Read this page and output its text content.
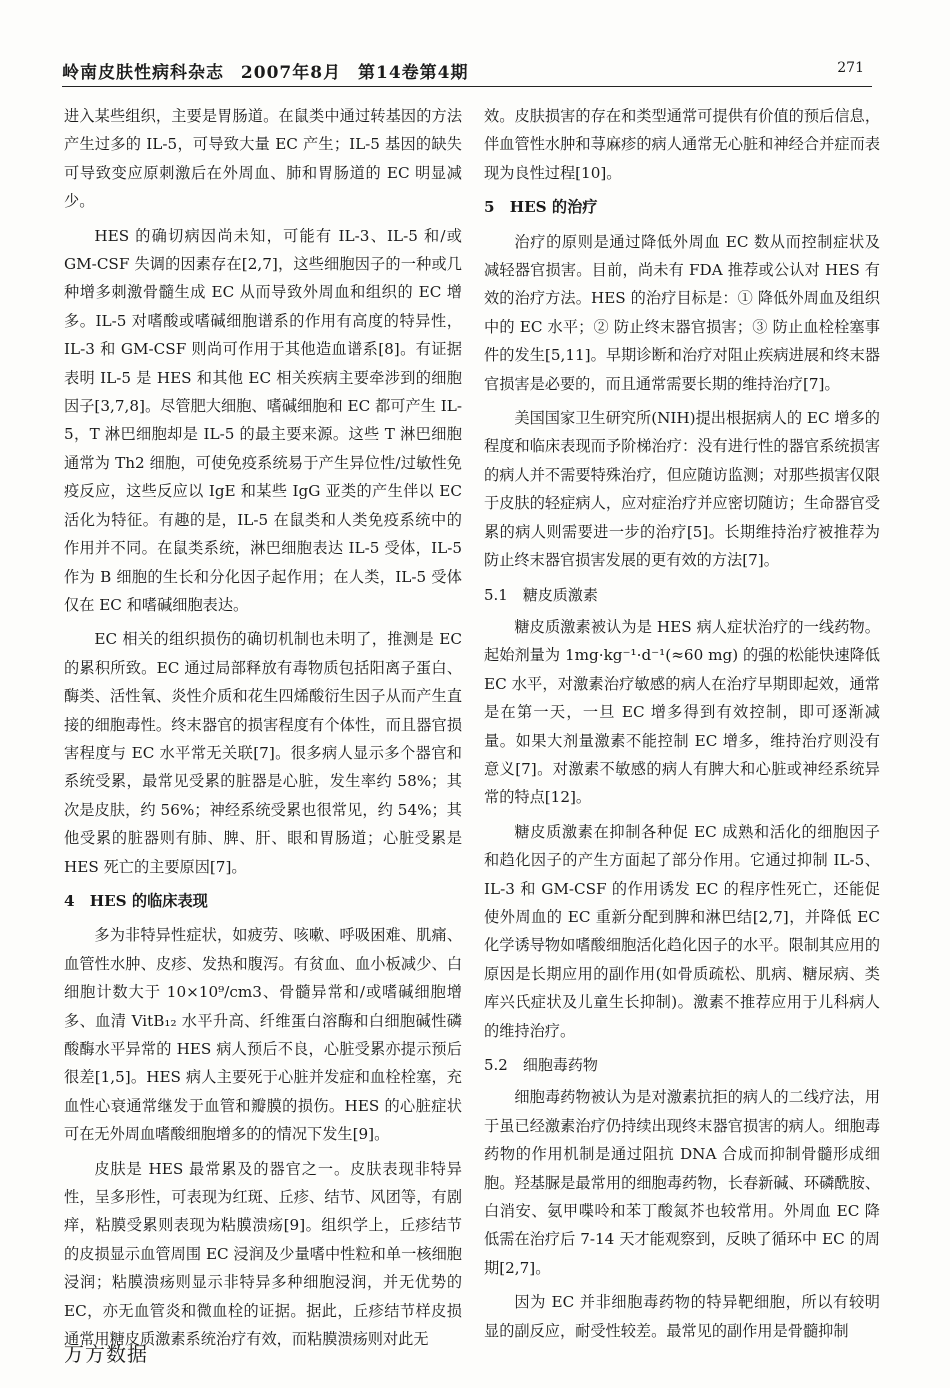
岭南皮肤性病科杂志 2007年8月 第14卷第4期	271

进入某些组织，主要是胃肠道。在鼠类中通过转基因的方法产生过多的 IL-5，可导致大量 EC 产生；IL-5 基因的缺失可导致变应原刺激后在外周血、肺和胃肠道的 EC 明显减少。

HES 的确切病因尚未知，可能有 IL-3、IL-5 和/或 GM-CSF 失调的因素存在[2,7]，这些细胞因子的一种或几种增多刺激骨髓生成 EC 从而导致外周血和组织的 EC 增多。IL-5 对嗜酸或嗜碱细胞谱系的作用有高度的特异性，IL-3 和 GM-CSF 则尚可作用于其他造血谱系[8]。有证据表明 IL-5 是 HES 和其他 EC 相关疾病主要牵涉到的细胞因子[3,7,8]。尽管肥大细胞、嗜碱细胞和 EC 都可产生 IL-5，T 淋巴细胞却是 IL-5 的最主要来源。这些 T 淋巴细胞通常为 Th2 细胞，可使免疫系统易于产生异位性/过敏性免疫反应，这些反应以 IgE 和某些 IgG 亚类的产生伴以 EC 活化为特征。有趣的是，IL-5 在鼠类和人类免疫系统中的作用并不同。在鼠类系统，淋巴细胞表达 IL-5 受体，IL-5 作为 B 细胞的生长和分化因子起作用；在人类，IL-5 受体仅在 EC 和嗜碱细胞表达。

EC 相关的组织损伤的确切机制也未明了，推测是 EC 的累积所致。EC 通过局部释放有毒物质包括阳离子蛋白、酶类、活性氧、炎性介质和花生四烯酸衍生因子从而产生直接的细胞毒性。终末器官的损害程度有个体性，而且器官损害程度与 EC 水平常无关联[7]。很多病人显示多个器官和系统受累，最常见受累的脏器是心脏，发生率约 58%；其次是皮肤，约 56%；神经系统受累也很常见，约 54%；其他受累的脏器则有肺、脾、肝、眼和胃肠道；心脏受累是 HES 死亡的主要原因[7]。

4　HES 的临床表现

多为非特异性症状，如疲劳、咳嗽、呼吸困难、肌痛、血管性水肿、皮疹、发热和腹泻。有贫血、血小板减少、白细胞计数大于 10×10⁹/cm3、骨髓异常和/或嗜碱细胞增多、血清 VitB₁₂ 水平升高、纤维蛋白溶酶和白细胞碱性磷酸酶水平异常的 HES 病人预后不良，心脏受累亦提示预后很差[1,5]。HES 病人主要死于心脏并发症和血栓栓塞，充血性心衰通常继发于血管和瓣膜的损伤。HES 的心脏症状可在无外周血嗜酸细胞增多的的情况下发生[9]。

皮肤是 HES 最常累及的器官之一。皮肤表现非特异性，呈多形性，可表现为红斑、丘疹、结节、风团等，有剧痒，粘膜受累则表现为粘膜溃疡[9]。组织学上，丘疹结节的皮损显示血管周围 EC 浸润及少量嗜中性粒和单一核细胞浸润；粘膜溃疡则显示非特异多种细胞浸润，并无优势的 EC，亦无血管炎和微血栓的证据。据此，丘疹结节样皮损通常用糖皮质激素系统治疗有效，而粘膜溃疡则对此无

效。皮肤损害的存在和类型通常可提供有价值的预后信息，伴血管性水肿和荨麻疹的病人通常无心脏和神经合并症而表现为良性过程[10]。

5　HES 的治疗

治疗的原则是通过降低外周血 EC 数从而控制症状及减轻器官损害。目前，尚未有 FDA 推荐或公认对 HES 有效的治疗方法。HES 的治疗目标是：① 降低外周血及组织中的 EC 水平；② 防止终末器官损害；③ 防止血栓栓塞事件的发生[5,11]。早期诊断和治疗对阻止疾病进展和终末器官损害是必要的，而且通常需要长期的维持治疗[7]。

美国国家卫生研究所(NIH)提出根据病人的 EC 增多的程度和临床表现而予阶梯治疗：没有进行性的器官系统损害的病人并不需要特殊治疗，但应随访监测；对那些损害仅限于皮肤的轻症病人，应对症治疗并应密切随访；生命器官受累的病人则需要进一步的治疗[5]。长期维持治疗被推荐为防止终末器官损害发展的更有效的方法[7]。

5.1　糖皮质激素

糖皮质激素被认为是 HES 病人症状治疗的一线药物。起始剂量为 1mg·kg⁻¹·d⁻¹(≈60 mg) 的强的松能快速降低 EC 水平，对激素治疗敏感的病人在治疗早期即起效，通常是在第一天，一旦 EC 增多得到有效控制，即可逐渐减量。如果大剂量激素不能控制 EC 增多，维持治疗则没有意义[7]。对激素不敏感的病人有脾大和心脏或神经系统异常的特点[12]。

糖皮质激素在抑制各种促 EC 成熟和活化的细胞因子和趋化因子的产生方面起了部分作用。它通过抑制 IL-5、IL-3 和 GM-CSF 的作用诱发 EC 的程序性死亡，还能促使外周血的 EC 重新分配到脾和淋巴结[2,7]，并降低 EC 化学诱导物如嗜酸细胞活化趋化因子的水平。限制其应用的原因是长期应用的副作用(如骨质疏松、肌病、糖尿病、类库兴氏症状及儿童生长抑制)。激素不推荐应用于儿科病人的维持治疗。

5.2　细胞毒药物

细胞毒药物被认为是对激素抗拒的病人的二线疗法，用于虽已经激素治疗仍持续出现终末器官损害的病人。细胞毒药物的作用机制是通过阻抗 DNA 合成而抑制骨髓形成细胞。羟基脲是最常用的细胞毒药物，长春新碱、环磷酰胺、白消安、氨甲喋呤和苯丁酸氮芥也较常用。外周血 EC 降低需在治疗后 7-14 天才能观察到，反映了循环中 EC 的周期[2,7]。

因为 EC 并非细胞毒药物的特异靶细胞，所以有较明显的副反应，耐受性较差。最常见的副作用是骨髓抑制

万方数据
